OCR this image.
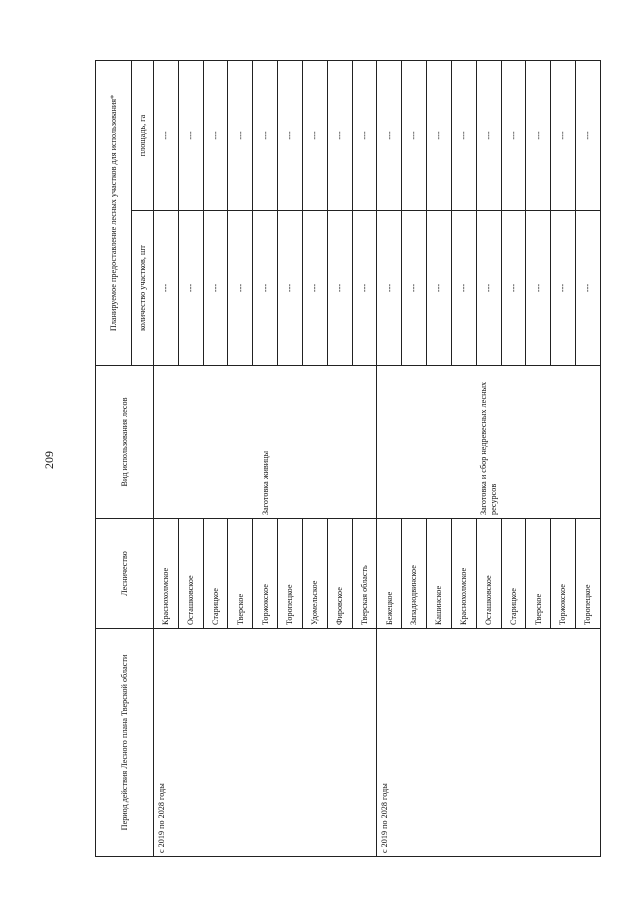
209
Период действия Лесного плана Тверской области	Лесничество	Вид использования лесов	Планируемое предоставление лесных участков для использования*	
			количество участков, шт	площадь, га
с 2019 по 2028 годы	Краснохолмское	Заготовка живицы	---	---
	Осташковское		---	---
	Старицкое		---	---
	Тверское		---	---
	Торжокское		---	---
	Торопецкое		---	---
	Удомельское		---	---
	Фировское		---	---
	Тверская область		---	---
с 2019 по 2028 годы	Бежецкое	Заготовка и сбор недревесных лесных ресурсов	---	---
	Западнодвинское		---	---
	Кашинское		---	---
	Краснохолмское		---	---
	Осташковское		---	---
	Старицкое		---	---
	Тверское		---	---
	Торжокское		---	---
	Торопецкое		---	---
